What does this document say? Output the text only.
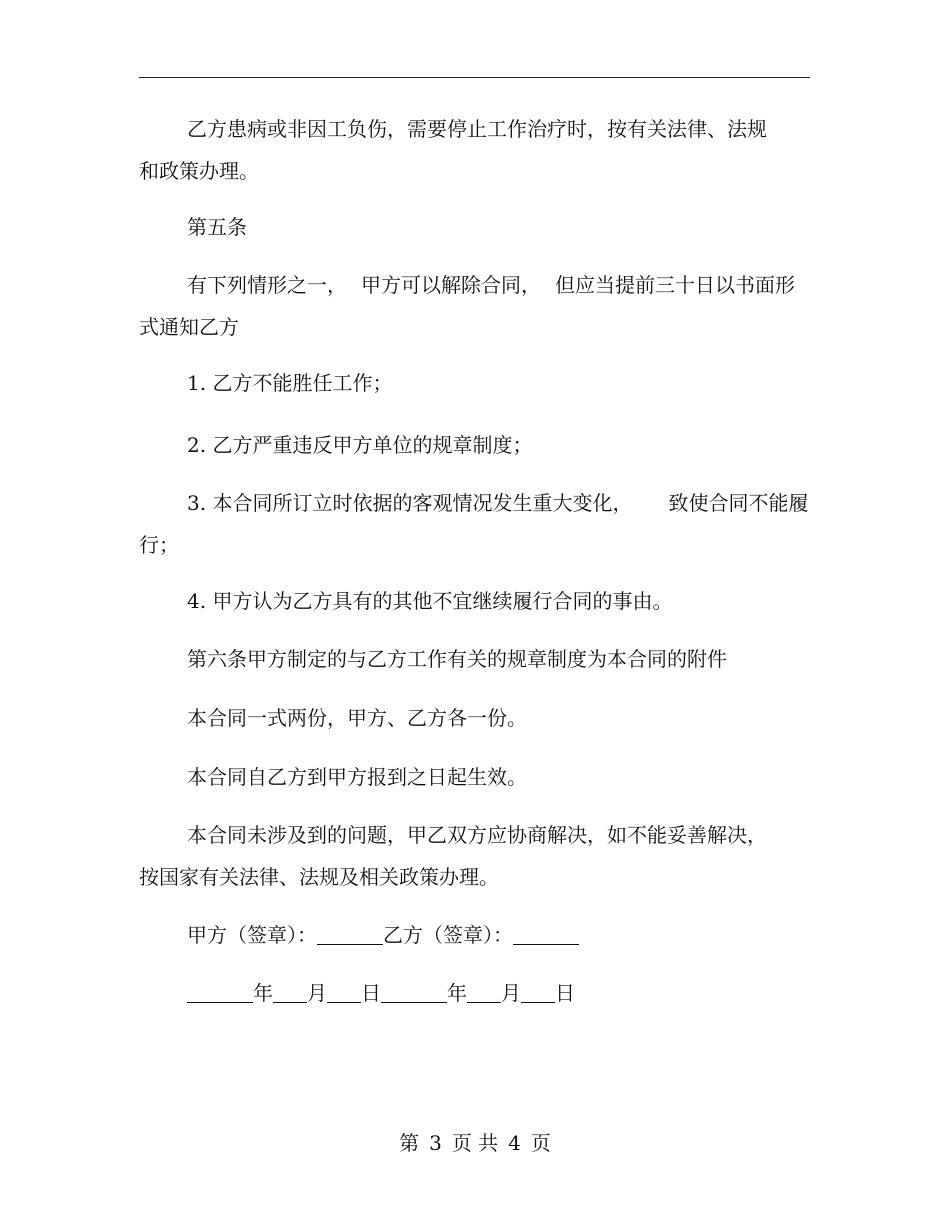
乙方患病或非因工负伤，需要停止工作治疗时，按有关法律、法规
和政策办理。
第五条
有下列情形之一， 甲方可以解除合同， 但应当提前三十日以书面形
式通知乙方
1. 乙方不能胜任工作；
2. 乙方严重违反甲方单位的规章制度；
3. 本合同所订立时依据的客观情况发生重大变化， 致使合同不能履
行；
4. 甲方认为乙方具有的其他不宜继续履行合同的事由。
第六条甲方制定的与乙方工作有关的规章制度为本合同的附件
本合同一式两份，甲方、乙方各一份。
本合同自乙方到甲方报到之日起生效。
本合同未涉及到的问题，甲乙双方应协商解决，如不能妥善解决，
按国家有关法律、法规及相关政策办理。
甲方（签章）：	乙方（签章）：
年 月 日	年 月 日
第 3 页 共 4 页
